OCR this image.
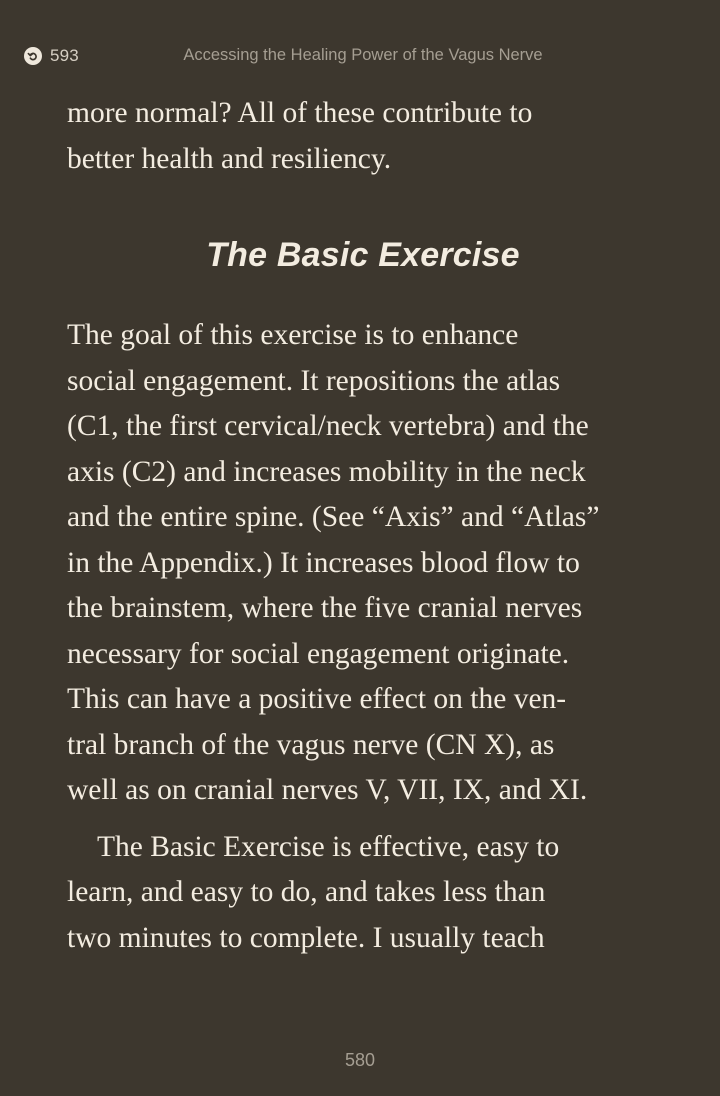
593	Accessing the Healing Power of the Vagus Nerve

more normal? All of these contribute to
better health and resiliency.

The Basic Exercise

The goal of this exercise is to enhance
social engagement. It repositions the atlas
(C1, the first cervical/neck vertebra) and the
axis (C2) and increases mobility in the neck
and the entire spine. (See “Axis” and “Atlas”
in the Appendix.) It increases blood flow to
the brainstem, where the five cranial nerves
necessary for social engagement originate.
This can have a positive effect on the ven-
tral branch of the vagus nerve (CN X), as
well as on cranial nerves V, VII, IX, and XI.

The Basic Exercise is effective, easy to
learn, and easy to do, and takes less than
two minutes to complete. I usually teach

580
